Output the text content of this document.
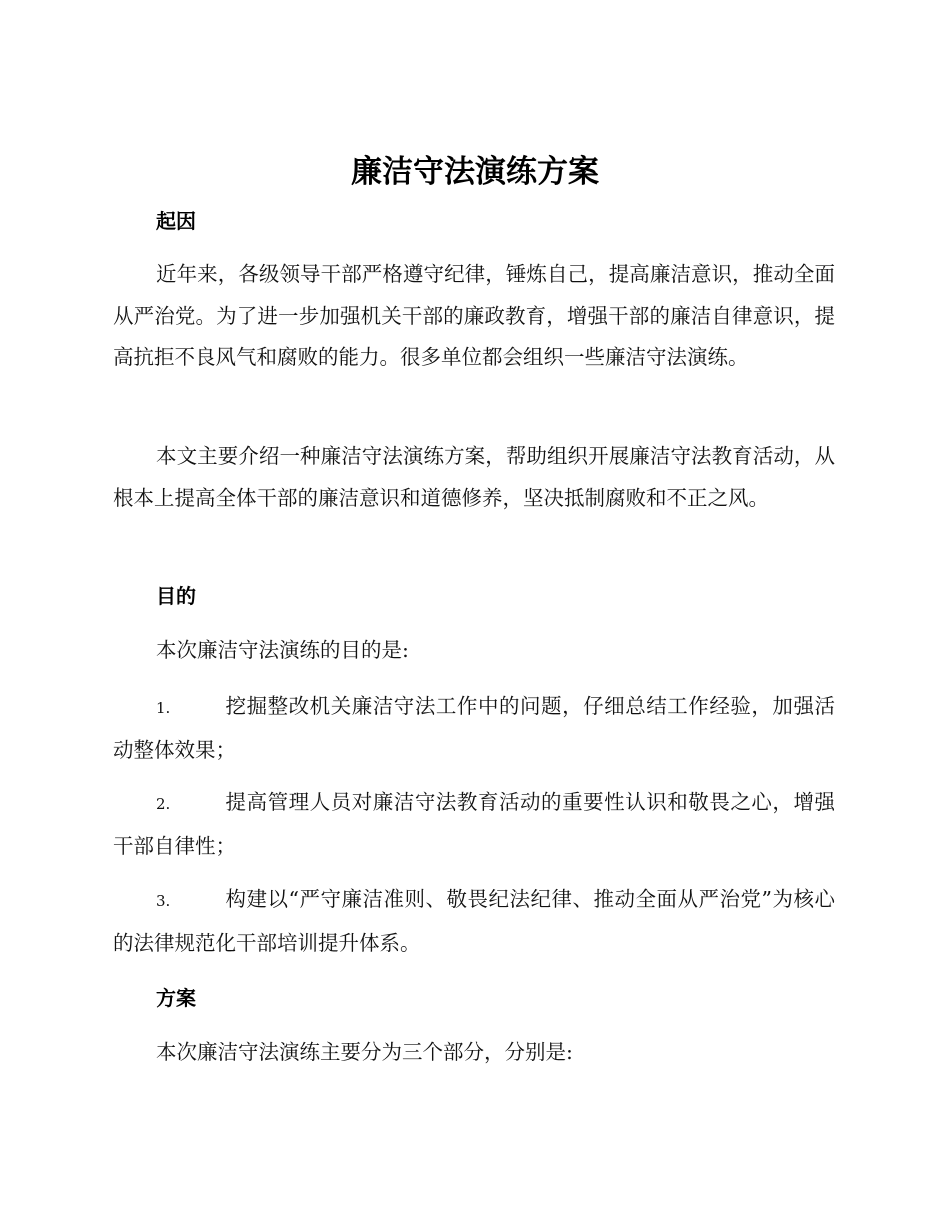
廉洁守法演练方案
起因

近年来，各级领导干部严格遵守纪律，锤炼自己，提高廉洁意识，推动全面从严治党。为了进一步加强机关干部的廉政教育，增强干部的廉洁自律意识，提高抗拒不良风气和腐败的能力。很多单位都会组织一些廉洁守法演练。

本文主要介绍一种廉洁守法演练方案，帮助组织开展廉洁守法教育活动，从根本上提高全体干部的廉洁意识和道德修养，坚决抵制腐败和不正之风。

目的

本次廉洁守法演练的目的是:

1.	挖掘整改机关廉洁守法工作中的问题，仔细总结工作经验，加强活动整体效果；

2.	提高管理人员对廉洁守法教育活动的重要性认识和敬畏之心，增强干部自律性；

3.	构建以“严守廉洁准则、敬畏纪法纪律、推动全面从严治党”为核心的法律规范化干部培训提升体系。

方案

本次廉洁守法演练主要分为三个部分，分别是:
